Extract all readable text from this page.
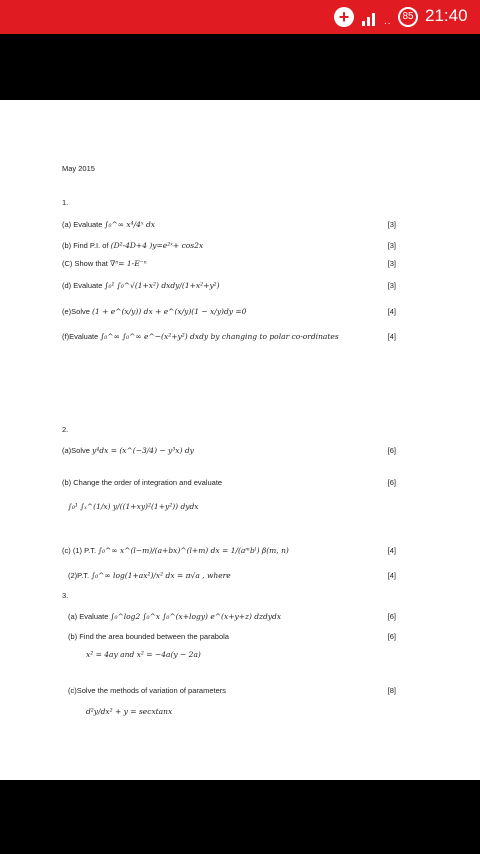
+	..	85 21:40
May 2015
1.
(a) Evaluate ∫₀^∞ x⁴/4ˣ dx	[3]
(b) Find P.I. of (D²-4D+4 )y=e²ˣ+ cos2x	[3]
(C) Show that ∇ⁿ= 1-E⁻ⁿ	[3]
(d) Evaluate ∫₀¹ ∫₀^√(1+x²) dxdy/(1+x²+y²)	[3]
(e)Solve (1 + e^(x/y)) dx + e^(x/y)(1 − x/y)dy =0	[4]
(f)Evaluate ∫₀^∞ ∫₀^∞ e^−(x²+y²) dxdy by changing to polar co-ordinates	[4]
2.
(a)Solve y⁴dx = (x^(−3/4) − y³x) dy	[6]
(b) Change the order of integration and evaluate	[6]
∫₀¹ ∫ₓ^(1/x) y/((1+xy)²(1+y²)) dydx
(c) (1) P.T. ∫₀^∞ x^(l−m)/(a+bx)^(l+m) dx = 1/(aᵐbˡ) β(m, n)	[4]
(2)P.T. ∫₀^∞ log(1+ax²)/x² dx = π√a , where	[4]
3.
(a) Evaluate ∫₀^log2 ∫₀^x ∫₀^(x+logy) e^(x+y+z) dzdydx	[6]
(b) Find the area bounded between the parabola	[6]
x² = 4ay and x² = −4a(y − 2a)
(c)Solve the methods of variation of parameters	[8]
d²y/dx² + y = secxtanx
